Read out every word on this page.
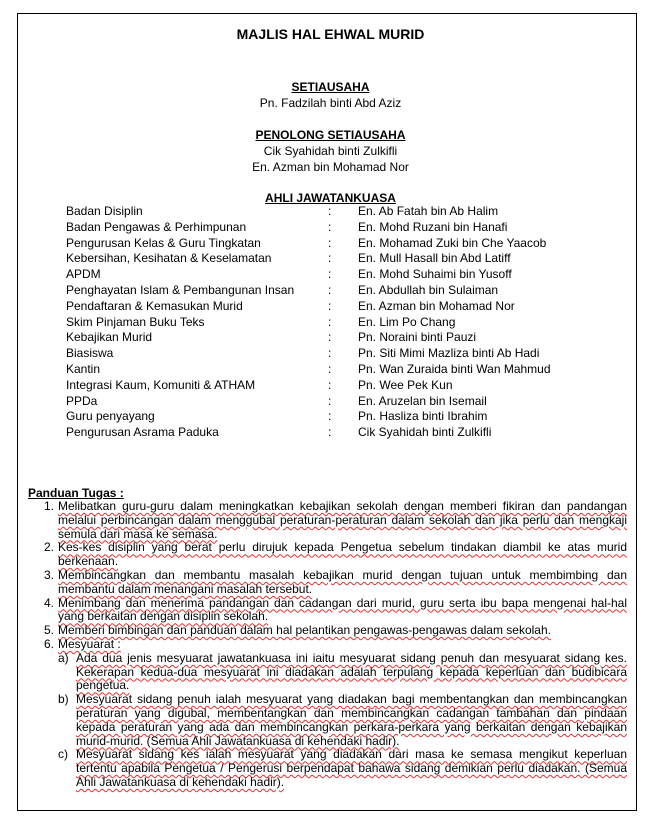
MAJLIS HAL EHWAL MURID
SETIAUSAHA
Pn. Fadzilah binti Abd Aziz
PENOLONG SETIAUSAHA
Cik Syahidah binti Zulkifli
En. Azman bin Mohamad Nor
AHLI JAWATANKUASA
Badan Disiplin	:	En. Ab Fatah bin Ab Halim
Badan Pengawas & Perhimpunan	:	En. Mohd Ruzani bin Hanafi
Pengurusan Kelas & Guru Tingkatan	:	En. Mohamad Zuki bin Che Yaacob
Kebersihan, Kesihatan & Keselamatan	:	En. Mull Hasall bin Abd Latiff
APDM	:	En. Mohd Suhaimi bin Yusoff
Penghayatan Islam & Pembangunan Insan	:	En. Abdullah bin Sulaiman
Pendaftaran & Kemasukan Murid	:	En. Azman bin Mohamad Nor
Skim Pinjaman Buku Teks	:	En. Lim Po Chang
Kebajikan Murid	:	Pn. Noraini binti Pauzi
Biasiswa	:	Pn. Siti Mimi Mazliza binti Ab Hadi
Kantin	:	Pn. Wan Zuraida binti Wan Mahmud
Integrasi Kaum, Komuniti & ATHAM	:	Pn. Wee Pek Kun
PPDa	:	En. Aruzelan bin Isemail
Guru penyayang	:	Pn. Hasliza binti Ibrahim
Pengurusan Asrama Paduka	:	Cik Syahidah binti Zulkifli
Panduan Tugas :
1. Melibatkan guru-guru dalam meningkatkan kebajikan sekolah dengan memberi fikiran dan pandangan melalui perbincangan dalam menggubal peraturan-peraturan dalam sekolah dan jika perlu dan mengkaji semula dari masa ke semasa.
2. Kes-kes disiplin yang berat perlu dirujuk kepada Pengetua sebelum tindakan diambil ke atas murid berkenaan.
3. Membincangkan dan membantu masalah kebajikan murid dengan tujuan untuk membimbing dan membantu dalam menangani masalah tersebut.
4. Menimbang dan menerima pandangan dan cadangan dari murid, guru serta ibu bapa mengenai hal-hal yang berkaitan dengan disiplin sekolah.
5. Memberi bimbingan dan panduan dalam hal pelantikan pengawas-pengawas dalam sekolah.
6. Mesyuarat :
a) Ada dua jenis mesyuarat jawatankuasa ini iaitu mesyuarat sidang penuh dan mesyuarat sidang kes. Kekerapan kedua-dua mesyuarat ini diadakan adalah terpulang kepada keperluan dan budibicara pengetua.
b) Mesyuarat sidang penuh ialah mesyuarat yang diadakan bagi membentangkan dan membincangkan peraturan yang digubal, membentangkan dan membincangkan cadangan tambahan dan pindaan kepada peraturan yang ada dan membincangkan perkara-perkara yang berkaitan dengan kebajikan murid-murid. (Semua Ahli Jawatankuasa di kehendaki hadir).
c) Mesyuarat sidang kes ialah mesyuarat yang diadakan dari masa ke semasa mengikut keperluan tertentu apabila Pengetua / Pengerusi berpendapat bahawa sidang demikian perlu diadakan. (Semua Ahli Jawatankuasa di kehendaki hadir).
